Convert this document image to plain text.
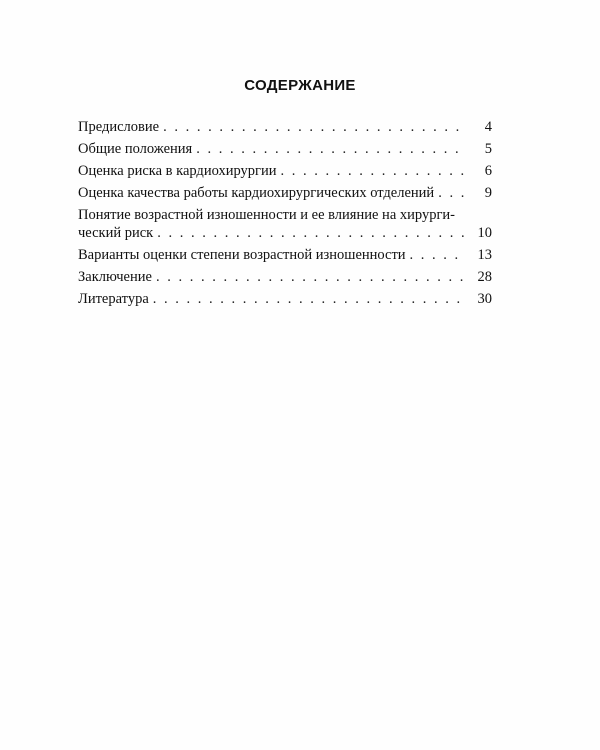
СОДЕРЖАНИЕ
Предисловие . . .	4
Общие положения . . .	5
Оценка риска в кардиохирургии . . .	6
Оценка качества работы кардиохирургических отделений . . .	9
Понятие возрастной изношенности и ее влияние на хирурги-
ческий риск . . .	10
Варианты оценки степени возрастной изношенности . . .	13
Заключение . . .	28
Литература . . .	30
